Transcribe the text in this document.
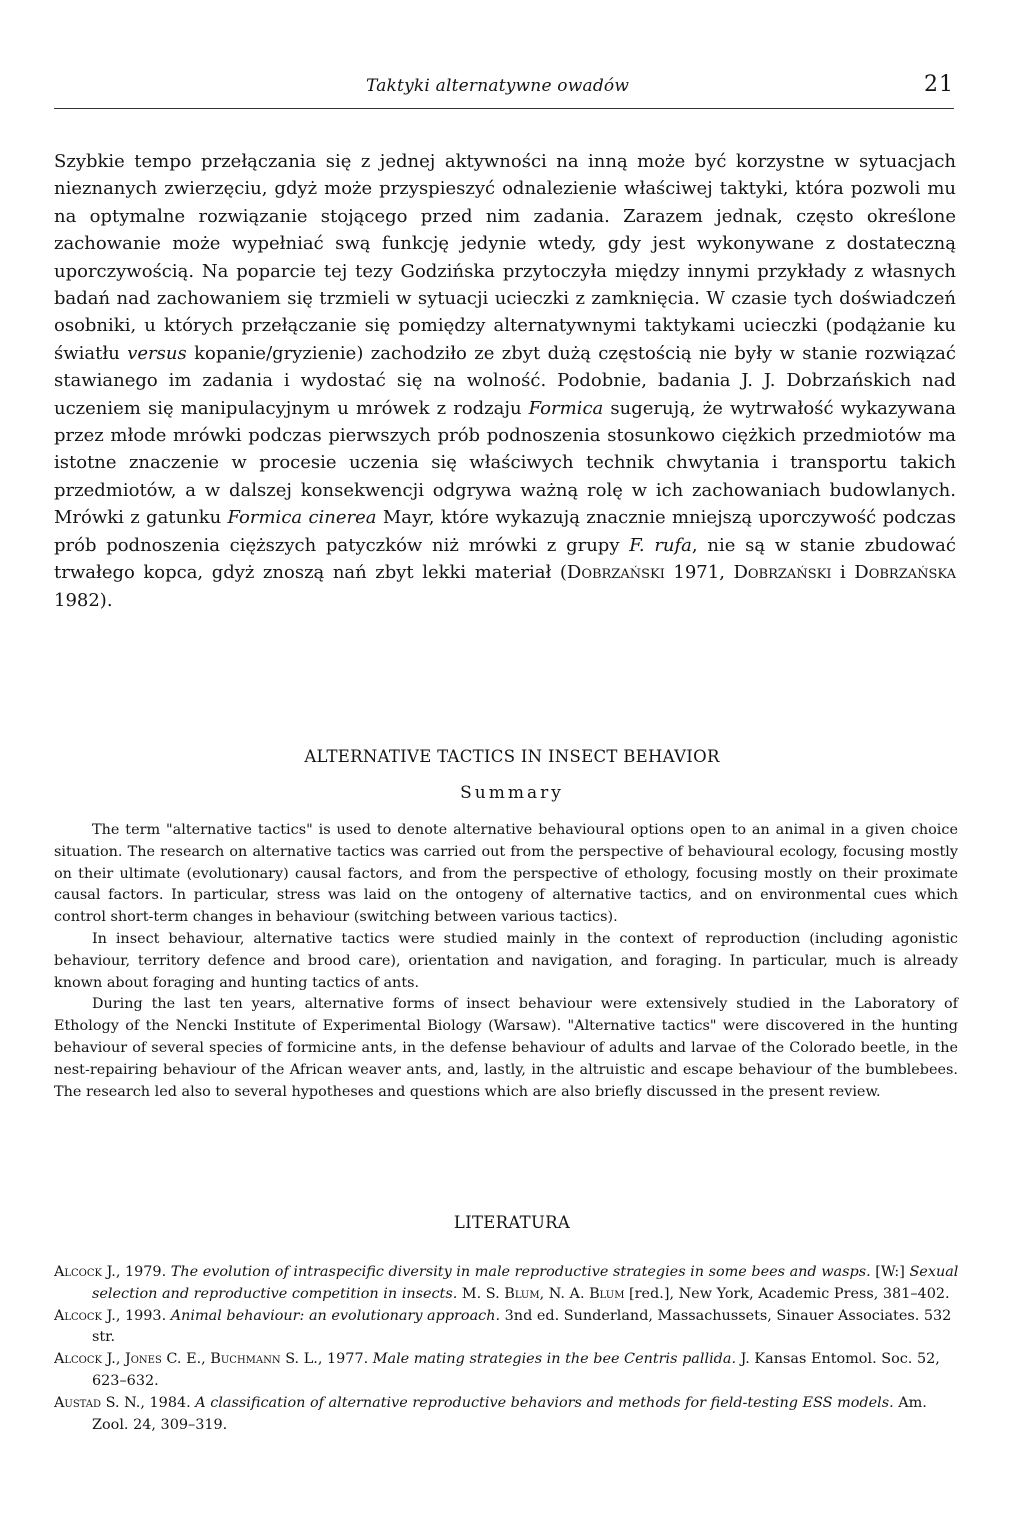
Taktyki alternatywne owadów	21

Szybkie tempo przełączania się z jednej aktywności na inną może być korzystne w sytuacjach nieznanych zwierzęciu, gdyż może przyspieszyć odnalezienie właściwej taktyki, która pozwoli mu na optymalne rozwiązanie stojącego przed nim zadania. Zarazem jednak, często określone zachowanie może wypełniać swą funkcję jedynie wtedy, gdy jest wykonywane z dostateczną uporczywością. Na poparcie tej tezy Godzińska przytoczyła między innymi przykłady z własnych badań nad zachowaniem się trzmieli w sytuacji ucieczki z zamknięcia. W czasie tych doświadczeń osobniki, u których przełączanie się pomiędzy alternatywnymi taktykami ucieczki (podążanie ku światłu versus kopanie/gryzienie) zachodziło ze zbyt dużą częstością nie były w stanie rozwiązać stawianego im zadania i wydostać się na wolność. Podobnie, badania J. J. Dobrzańskich nad uczeniem się manipulacyjnym u mrówek z rodzaju Formica sugerują, że wytrwałość wykazywana przez młode mrówki podczas pierwszych prób podnoszenia stosunkowo ciężkich przedmiotów ma istotne znaczenie w procesie uczenia się właściwych technik chwytania i transportu takich przedmiotów, a w dalszej konsekwencji odgrywa ważną rolę w ich zachowaniach budowlanych. Mrówki z gatunku Formica cinerea Mayr, które wykazują znacznie mniejszą uporczywość podczas prób podnoszenia cięższych patyczków niż mrówki z grupy F. rufa, nie są w stanie zbudować trwałego kopca, gdyż znoszą nań zbyt lekki materiał (Dobrzański 1971, Dobrzański i Dobrzańska 1982).

ALTERNATIVE TACTICS IN INSECT BEHAVIOR
Summary

The term "alternative tactics" is used to denote alternative behavioural options open to an animal in a given choice situation. The research on alternative tactics was carried out from the perspective of behavioural ecology, focusing mostly on their ultimate (evolutionary) causal factors, and from the perspective of ethology, focusing mostly on their proximate causal factors. In particular, stress was laid on the ontogeny of alternative tactics, and on environmental cues which control short-term changes in behaviour (switching between various tactics).

In insect behaviour, alternative tactics were studied mainly in the context of reproduction (including agonistic behaviour, territory defence and brood care), orientation and navigation, and foraging. In particular, much is already known about foraging and hunting tactics of ants.

During the last ten years, alternative forms of insect behaviour were extensively studied in the Laboratory of Ethology of the Nencki Institute of Experimental Biology (Warsaw). "Alternative tactics" were discovered in the hunting behaviour of several species of formicine ants, in the defense behaviour of adults and larvae of the Colorado beetle, in the nest-repairing behaviour of the African weaver ants, and, lastly, in the altruistic and escape behaviour of the bumblebees. The research led also to several hypotheses and questions which are also briefly discussed in the present review.

LITERATURA

Alcock J., 1979. The evolution of intraspecific diversity in male reproductive strategies in some bees and wasps. [W:] Sexual selection and reproductive competition in insects. M. S. Blum, N. A. Blum [red.], New York, Academic Press, 381–402.

Alcock J., 1993. Animal behaviour: an evolutionary approach. 3nd ed. Sunderland, Massachussets, Sinauer Associates. 532 str.

Alcock J., Jones C. E., Buchmann S. L., 1977. Male mating strategies in the bee Centris pallida. J. Kansas Entomol. Soc. 52, 623–632.

Austad S. N., 1984. A classification of alternative reproductive behaviors and methods for field-testing ESS models. Am. Zool. 24, 309–319.
